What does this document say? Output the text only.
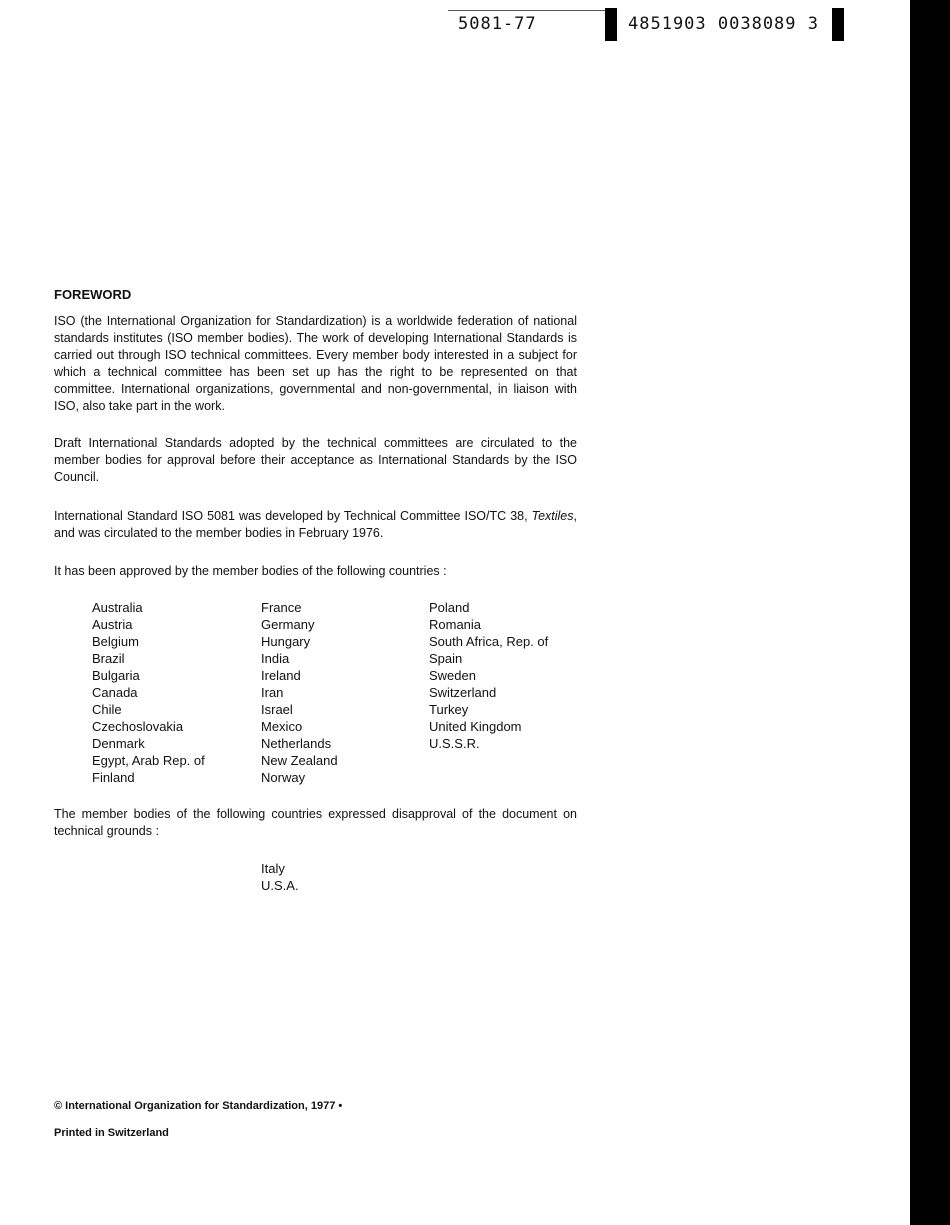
5081-77	4851903 0038089 3
FOREWORD

ISO (the International Organization for Standardization) is a worldwide federation of national standards institutes (ISO member bodies). The work of developing International Standards is carried out through ISO technical committees. Every member body interested in a subject for which a technical committee has been set up has the right to be represented on that committee. International organizations, governmental and non-governmental, in liaison with ISO, also take part in the work.

Draft International Standards adopted by the technical committees are circulated to the member bodies for approval before their acceptance as International Standards by the ISO Council.

International Standard ISO 5081 was developed by Technical Committee ISO/TC 38, Textiles, and was circulated to the member bodies in February 1976.

It has been approved by the member bodies of the following countries :

Australia
Austria
Belgium
Brazil
Bulgaria
Canada
Chile
Czechoslovakia
Denmark
Egypt, Arab Rep. of
Finland
France
Germany
Hungary
India
Ireland
Iran
Israel
Mexico
Netherlands
New Zealand
Norway
Poland
Romania
South Africa, Rep. of
Spain
Sweden
Switzerland
Turkey
United Kingdom
U.S.S.R.

The member bodies of the following countries expressed disapproval of the document on technical grounds :

Italy
U.S.A.
© International Organization for Standardization, 1977 •
Printed in Switzerland
